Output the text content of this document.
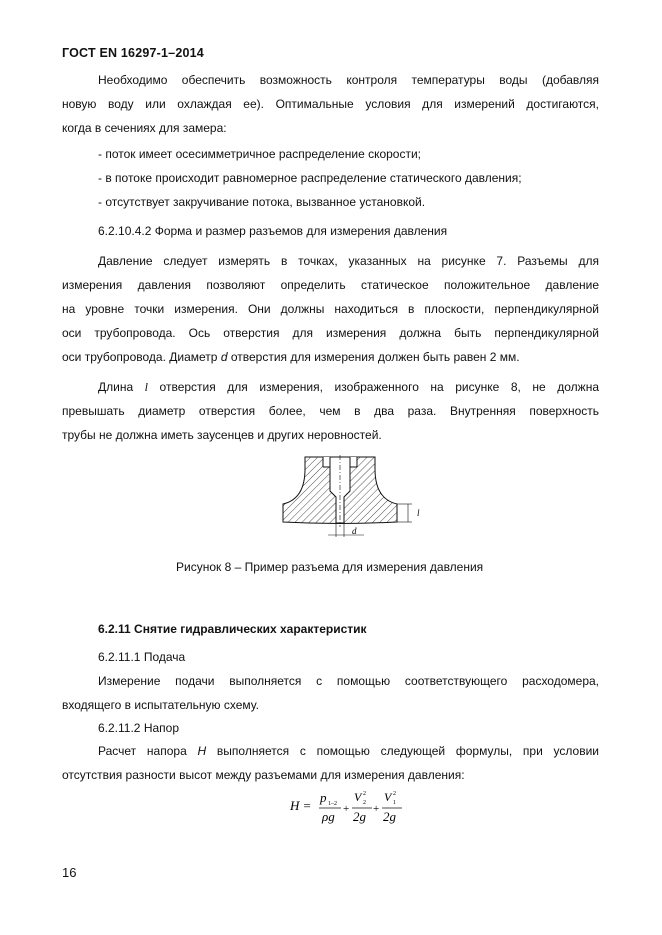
ГОСТ EN 16297-1–2014
Необходимо обеспечить возможность контроля температуры воды (добавляя
новую воду или охлаждая ее). Оптимальные условия для измерений достигаются,
когда в сечениях для замера:
- поток имеет осесимметричное распределение скорости;
- в потоке происходит равномерное распределение статического давления;
- отсутствует закручивание потока, вызванное установкой.
6.2.10.4.2 Форма и размер разъемов для измерения давления
Давление следует измерять в точках, указанных на рисунке 7. Разъемы для
измерения давления позволяют определить статическое положительное давление
на уровне точки измерения. Они должны находиться в плоскости, перпендикулярной
оси трубопровода. Ось отверстия для измерения должна быть перпендикулярной
оси трубопровода. Диаметр d отверстия для измерения должен быть равен 2 мм.
Длина l отверстия для измерения, изображенного на рисунке 8, не должна
превышать диаметр отверстия более, чем в два раза. Внутренняя поверхность
трубы не должна иметь заусенцев и других неровностей.
l
d
Рисунок 8 – Пример разъема для измерения давления
6.2.11 Снятие гидравлических характеристик
6.2.11.1 Подача
Измерение подачи выполняется с помощью соответствующего расходомера,
входящего в испытательную схему.
6.2.11.2 Напор
Расчет напора H выполняется с помощью следующей формулы, при условии
отсутствия разности высот между разъемами для измерения давления:
H =
p 1–2
ρg +
V 2
2
2g +
V 2
1
2g
16
